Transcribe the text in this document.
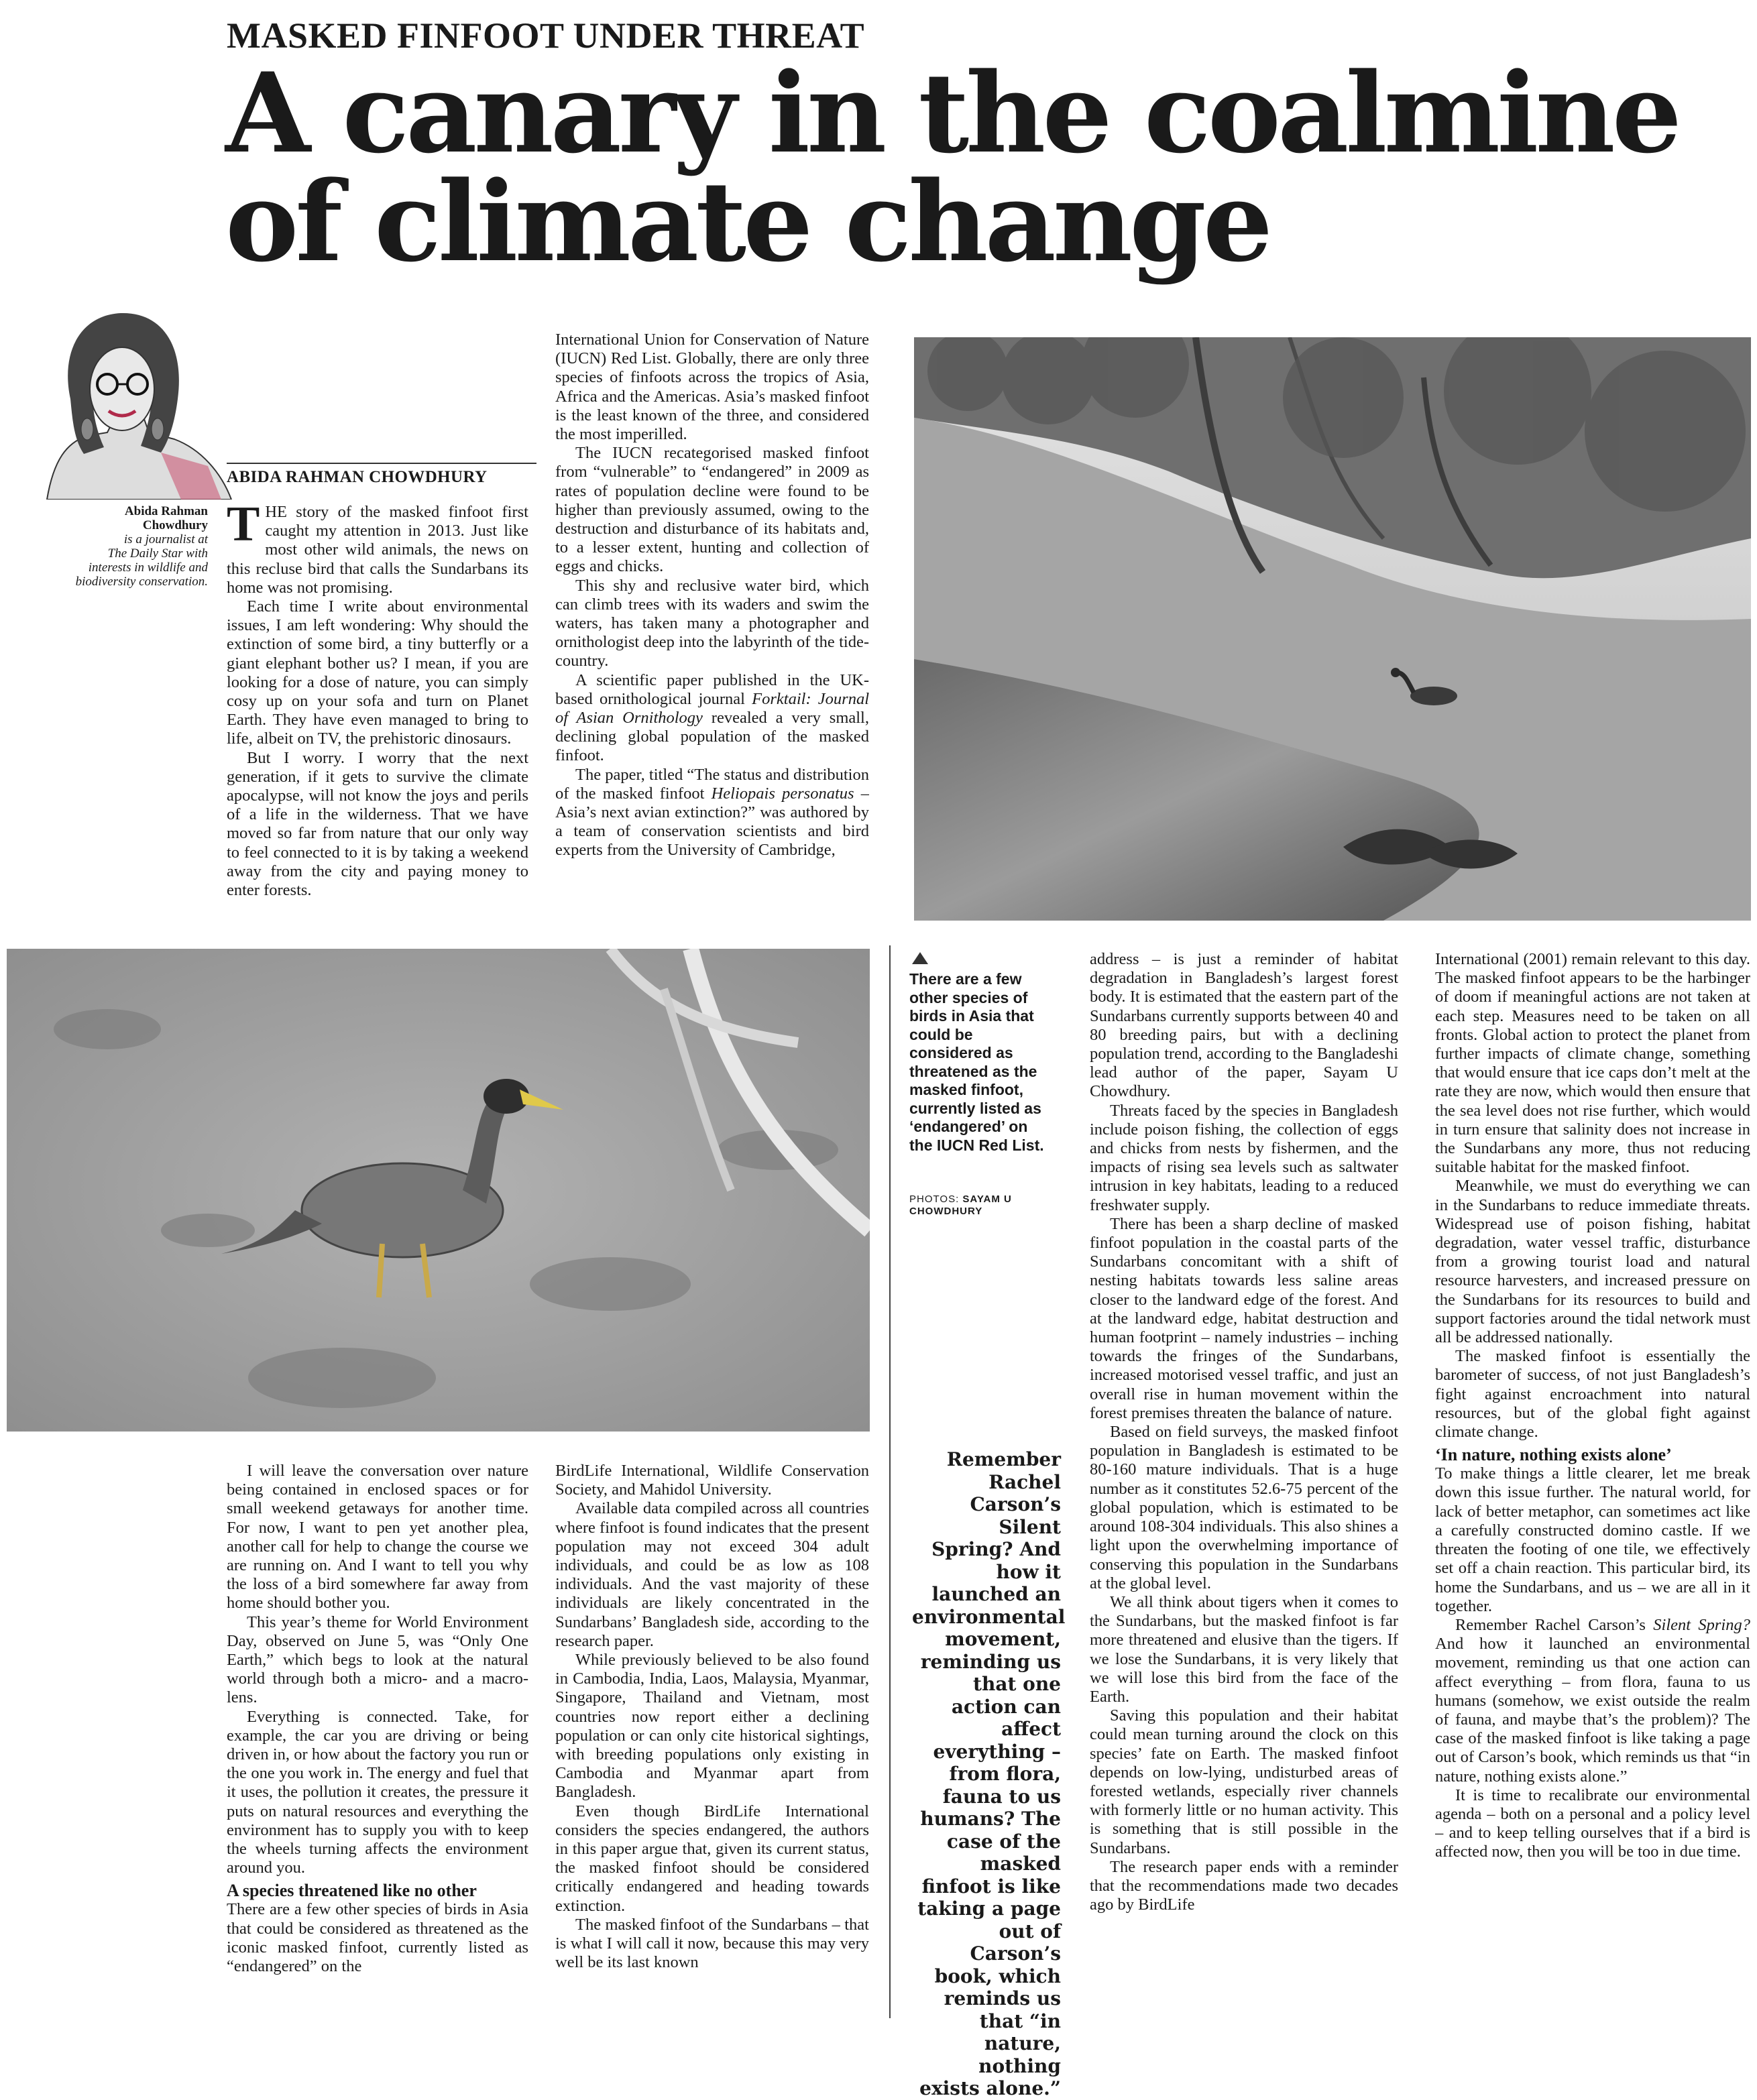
MASKED FINFOOT UNDER THREAT
A canary in the coalmine of climate change
ABIDA RAHMAN CHOWDHURY
Abida Rahman Chowdhury
is a journalist at
The Daily Star with interests in wildlife and biodiversity conservation.

THE story of the masked finfoot first caught my attention in 2013. Just like most other wild animals, the news on this recluse bird that calls the Sundarbans its home was not promising.

Each time I write about environmental issues, I am left wondering: Why should the extinction of some bird, a tiny butterfly or a giant elephant bother us? I mean, if you are looking for a dose of nature, you can simply cosy up on your sofa and turn on Planet Earth. They have even managed to bring to life, albeit on TV, the prehistoric dinosaurs.

But I worry. I worry that the next generation, if it gets to survive the climate apocalypse, will not know the joys and perils of a life in the wilderness. That we have moved so far from nature that our only way to feel connected to it is by taking a weekend away from the city and paying money to enter forests.

International Union for Conservation of Nature (IUCN) Red List. Globally, there are only three species of finfoots across the tropics of Asia, Africa and the Americas. Asia’s masked finfoot is the least known of the three, and considered the most imperilled.

The IUCN recategorised masked finfoot from “vulnerable” to “endangered” in 2009 as rates of population decline were found to be higher than previously assumed, owing to the destruction and disturbance of its habitats and, to a lesser extent, hunting and collection of eggs and chicks.

This shy and reclusive water bird, which can climb trees with its waders and swim the waters, has taken many a photographer and ornithologist deep into the labyrinth of the tide-country.

A scientific paper published in the UK-based ornithological journal Forktail: Journal of Asian Ornithology revealed a very small, declining global population of the masked finfoot.

The paper, titled “The status and distribution of the masked finfoot Heliopais personatus – Asia’s next avian extinction?” was authored by a team of conservation scientists and bird experts from the University of Cambridge,

There are a few other species of birds in Asia that could be considered as threatened as the masked finfoot, currently listed as ‘endangered’ on the IUCN Red List.
PHOTOS: SAYAM U CHOWDHURY
Remember Rachel Carson’s Silent Spring? And how it launched an environmental movement, reminding us that one action can affect everything – from flora, fauna to us humans? The case of the masked finfoot is like taking a page out of Carson’s book, which reminds us that “in nature, nothing exists alone.”

I will leave the conversation over nature being contained in enclosed spaces or for small weekend getaways for another time. For now, I want to pen yet another plea, another call for help to change the course we are running on. And I want to tell you why the loss of a bird somewhere far away from home should bother you.

This year’s theme for World Environment Day, observed on June 5, was “Only One Earth,” which begs to look at the natural world through both a micro- and a macro-lens.

Everything is connected. Take, for example, the car you are driving or being driven in, or how about the factory you run or the one you work in. The energy and fuel that it uses, the pollution it creates, the pressure it puts on natural resources and everything the environment has to supply you with to keep the wheels turning affects the environment around you.

A species threatened like no other

There are a few other species of birds in Asia that could be considered as threatened as the iconic masked finfoot, currently listed as “endangered” on the

BirdLife International, Wildlife Conservation Society, and Mahidol University.

Available data compiled across all countries where finfoot is found indicates that the present population may not exceed 304 adult individuals, and could be as low as 108 individuals. And the vast majority of these individuals are likely concentrated in the Sundarbans’ Bangladesh side, according to the research paper.

While previously believed to be also found in Cambodia, India, Laos, Malaysia, Myanmar, Singapore, Thailand and Vietnam, most countries now report either a declining population or can only cite historical sightings, with breeding populations only existing in Cambodia and Myanmar apart from Bangladesh.

Even though BirdLife International considers the species endangered, the authors in this paper argue that, given its current status, the masked finfoot should be considered critically endangered and heading towards extinction.

The masked finfoot of the Sundarbans – that is what I will call it now, because this may very well be its last known

address – is just a reminder of habitat degradation in Bangladesh’s largest forest body. It is estimated that the eastern part of the Sundarbans currently supports between 40 and 80 breeding pairs, but with a declining population trend, according to the Bangladeshi lead author of the paper, Sayam U Chowdhury.

Threats faced by the species in Bangladesh include poison fishing, the collection of eggs and chicks from nests by fishermen, and the impacts of rising sea levels such as saltwater intrusion in key habitats, leading to a reduced freshwater supply.

There has been a sharp decline of masked finfoot population in the coastal parts of the Sundarbans concomitant with a shift of nesting habitats towards less saline areas closer to the landward edge of the forest. And at the landward edge, habitat destruction and human footprint – namely industries – inching towards the fringes of the Sundarbans, increased motorised vessel traffic, and just an overall rise in human movement within the forest premises threaten the balance of nature.

Based on field surveys, the masked finfoot population in Bangladesh is estimated to be 80-160 mature individuals. That is a huge number as it constitutes 52.6-75 percent of the global population, which is estimated to be around 108-304 individuals. This also shines a light upon the overwhelming importance of conserving this population in the Sundarbans at the global level.

We all think about tigers when it comes to the Sundarbans, but the masked finfoot is far more threatened and elusive than the tigers. If we lose the Sundarbans, it is very likely that we will lose this bird from the face of the Earth.

Saving this population and their habitat could mean turning around the clock on this species’ fate on Earth. The masked finfoot depends on low-lying, undisturbed areas of forested wetlands, especially river channels with formerly little or no human activity. This is something that is still possible in the Sundarbans.

The research paper ends with a reminder that the recommendations made two decades ago by BirdLife

International (2001) remain relevant to this day. The masked finfoot appears to be the harbinger of doom if meaningful actions are not taken at each step. Measures need to be taken on all fronts. Global action to protect the planet from further impacts of climate change, something that would ensure that ice caps don’t melt at the rate they are now, which would then ensure that the sea level does not rise further, which would in turn ensure that salinity does not increase in the Sundarbans any more, thus not reducing suitable habitat for the masked finfoot.

Meanwhile, we must do everything we can in the Sundarbans to reduce immediate threats. Widespread use of poison fishing, habitat degradation, water vessel traffic, disturbance from a growing tourist load and natural resource harvesters, and increased pressure on the Sundarbans for its resources to build and support factories around the tidal network must all be addressed nationally.

The masked finfoot is essentially the barometer of success, of not just Bangladesh’s fight against encroachment into natural resources, but of the global fight against climate change.

‘In nature, nothing exists alone’

To make things a little clearer, let me break down this issue further. The natural world, for lack of better metaphor, can sometimes act like a carefully constructed domino castle. If we threaten the footing of one tile, we effectively set off a chain reaction. This particular bird, its home the Sundarbans, and us – we are all in it together.

Remember Rachel Carson’s Silent Spring? And how it launched an environmental movement, reminding us that one action can affect everything – from flora, fauna to us humans (somehow, we exist outside the realm of fauna, and maybe that’s the problem)? The case of the masked finfoot is like taking a page out of Carson’s book, which reminds us that “in nature, nothing exists alone.”

It is time to recalibrate our environmental agenda – both on a personal and a policy level – and to keep telling ourselves that if a bird is affected now, then you will be too in due time.
